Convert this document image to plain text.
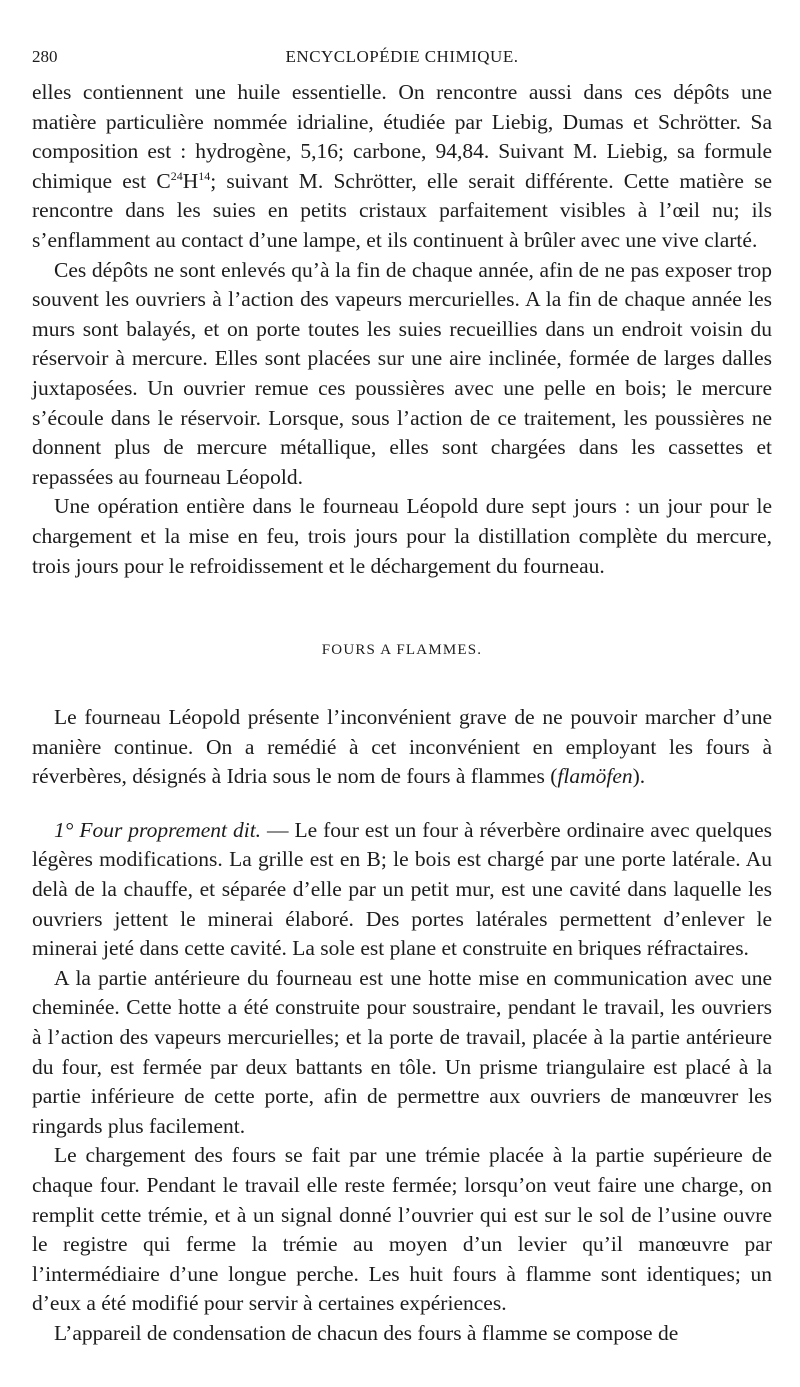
280	ENCYCLOPÉDIE CHIMIQUE.

elles contiennent une huile essentielle. On rencontre aussi dans ces dépôts une matière particulière nommée idrialine, étudiée par Liebig, Dumas et Schrötter. Sa composition est : hydrogène, 5,16; carbone, 94,84. Suivant M. Liebig, sa formule chimique est $C^{24}H^{14}$; suivant M. Schrötter, elle serait différente. Cette matière se rencontre dans les suies en petits cristaux parfaitement visibles à l’œil nu; ils s’enflamment au contact d’une lampe, et ils continuent à brûler avec une vive clarté.

Ces dépôts ne sont enlevés qu’à la fin de chaque année, afin de ne pas exposer trop souvent les ouvriers à l’action des vapeurs mercurielles. A la fin de chaque année les murs sont balayés, et on porte toutes les suies recueillies dans un endroit voisin du réservoir à mercure. Elles sont placées sur une aire inclinée, formée de larges dalles juxtaposées. Un ouvrier remue ces poussières avec une pelle en bois; le mercure s’écoule dans le réservoir. Lorsque, sous l’action de ce traitement, les poussières ne donnent plus de mercure métallique, elles sont chargées dans les cassettes et repassées au fourneau Léopold.

Une opération entière dans le fourneau Léopold dure sept jours : un jour pour le chargement et la mise en feu, trois jours pour la distillation complète du mercure, trois jours pour le refroidissement et le déchargement du fourneau.

FOURS A FLAMMES.

Le fourneau Léopold présente l’inconvénient grave de ne pouvoir marcher d’une manière continue. On a remédié à cet inconvénient en employant les fours à réverbères, désignés à Idria sous le nom de fours à flammes (flamöfen).

1° Four proprement dit. — Le four est un four à réverbère ordinaire avec quelques légères modifications. La grille est en B; le bois est chargé par une porte latérale. Au delà de la chauffe, et séparée d’elle par un petit mur, est une cavité dans laquelle les ouvriers jettent le minerai élaboré. Des portes latérales permettent d’enlever le minerai jeté dans cette cavité. La sole est plane et construite en briques réfractaires.

A la partie antérieure du fourneau est une hotte mise en communication avec une cheminée. Cette hotte a été construite pour soustraire, pendant le travail, les ouvriers à l’action des vapeurs mercurielles; et la porte de travail, placée à la partie antérieure du four, est fermée par deux battants en tôle. Un prisme triangulaire est placé à la partie inférieure de cette porte, afin de permettre aux ouvriers de manœuvrer les ringards plus facilement.

Le chargement des fours se fait par une trémie placée à la partie supérieure de chaque four. Pendant le travail elle reste fermée; lorsqu’on veut faire une charge, on remplit cette trémie, et à un signal donné l’ouvrier qui est sur le sol de l’usine ouvre le registre qui ferme la trémie au moyen d’un levier qu’il manœuvre par l’intermédiaire d’une longue perche. Les huit fours à flamme sont identiques; un d’eux a été modifié pour servir à certaines expériences.

L’appareil de condensation de chacun des fours à flamme se compose de
